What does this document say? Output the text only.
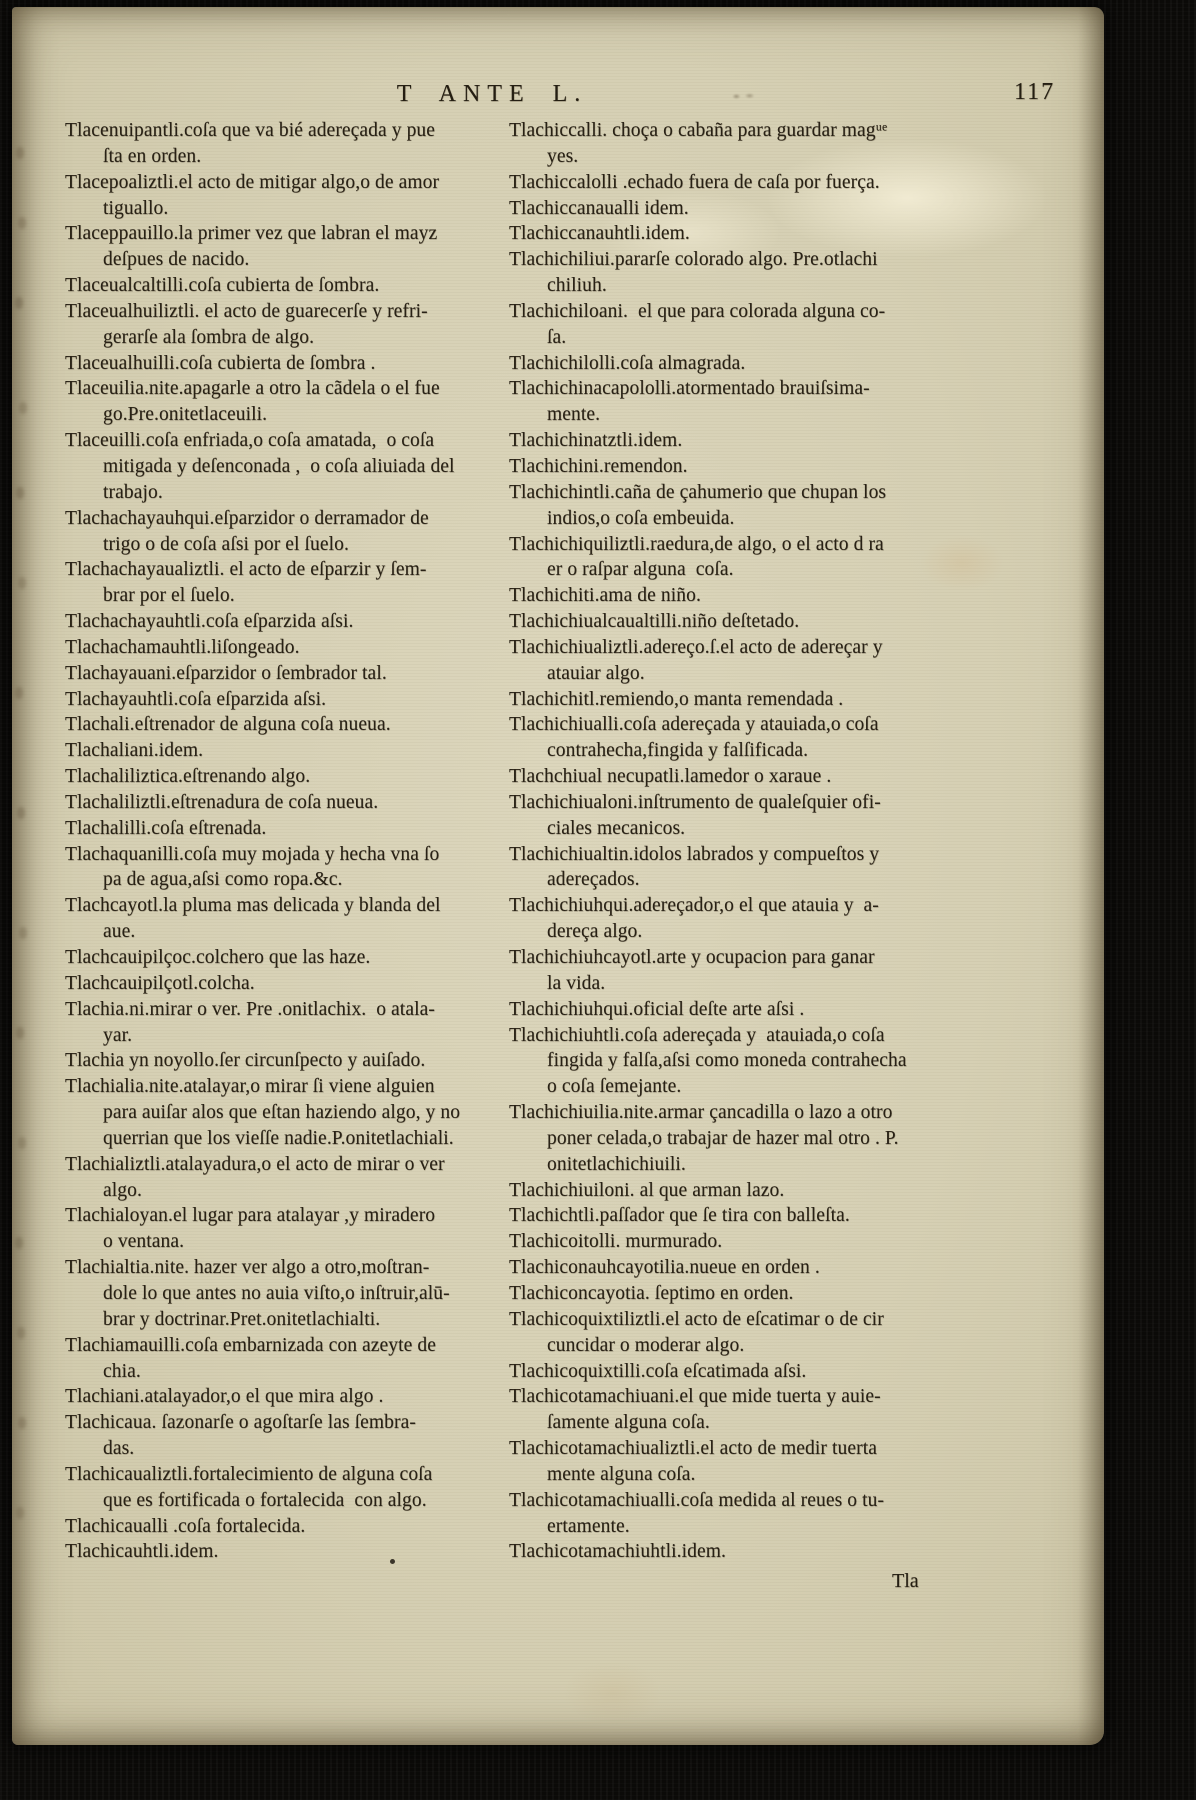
T ANTE L.	117
Tlacenuipantli.coſa que va bié adereçada y pue
ſta en orden.
Tlacepoaliztli.el acto de mitigar algo,o de amor
tiguallo.
Tlaceppauillo.la primer vez que labran el mayz
deſpues de nacido.
Tlaceualcaltilli.coſa cubierta de ſombra.
Tlaceualhuiliztli. el acto de guarecerſe y refri-
gerarſe ala ſombra de algo.
Tlaceualhuilli.coſa cubierta de ſombra .
Tlaceuilia.nite.apagarle a otro la cãdela o el fue
go.Pre.onitetlaceuili.
Tlaceuilli.coſa enfriada,o coſa amatada,  o coſa
mitigada y deſenconada ,  o coſa aliuiada del
trabajo.
Tlachachayauhqui.eſparzidor o derramador de
trigo o de coſa aſsi por el ſuelo.
Tlachachayaualiztli. el acto de eſparzir y ſem-
brar por el ſuelo.
Tlachachayauhtli.coſa eſparzida aſsi.
Tlachachamauhtli.liſongeado.
Tlachayauani.eſparzidor o ſembrador tal.
Tlachayauhtli.coſa eſparzida aſsi.
Tlachali.eſtrenador de alguna coſa nueua.
Tlachaliani.idem.
Tlachaliliztica.eſtrenando algo.
Tlachaliliztli.eſtrenadura de coſa nueua.
Tlachalilli.coſa eſtrenada.
Tlachaquanilli.coſa muy mojada y hecha vna ſo
pa de agua,aſsi como ropa.&c.
Tlachcayotl.la pluma mas delicada y blanda del
aue.
Tlachcauipilçoc.colchero que las haze.
Tlachcauipilçotl.colcha.
Tlachia.ni.mirar o ver. Pre .onitlachix.  o atala-
yar.
Tlachia yn noyollo.ſer circunſpecto y auiſado.
Tlachialia.nite.atalayar,o mirar ſi viene alguien
para auiſar alos que eſtan haziendo algo, y no
querrian que los vieſſe nadie.P.onitetlachiali.
Tlachializtli.atalayadura,o el acto de mirar o ver
algo.
Tlachialoyan.el lugar para atalayar ,y miradero
o ventana.
Tlachialtia.nite. hazer ver algo a otro,moſtran-
dole lo que antes no auia viſto,o inſtruir,alū-
brar y doctrinar.Pret.onitetlachialti.
Tlachiamauilli.coſa embarnizada con azeyte de
chia.
Tlachiani.atalayador,o el que mira algo .
Tlachicaua. ſazonarſe o agoſtarſe las ſembra-
das.
Tlachicaualiztli.fortalecimiento de alguna coſa
que es fortificada o fortalecida  con algo.
Tlachicaualli .coſa fortalecida.
Tlachicauhtli.idem.
Tlachiccalli. choça o cabaña para guardar magᵘᵉ
yes.
Tlachiccalolli .echado fuera de caſa por fuerça.
Tlachiccanaualli idem.
Tlachiccanauhtli.idem.
Tlachichiliui.pararſe colorado algo. Pre.otlachi
chiliuh.
Tlachichiloani.  el que para colorada alguna co-
ſa.
Tlachichilolli.coſa almagrada.
Tlachichinacapololli.atormentado brauiſsima-
mente.
Tlachichinatztli.idem.
Tlachichini.remendon.
Tlachichintli.caña de çahumerio que chupan los
indios,o coſa embeuida.
Tlachichiquiliztli.raedura,de algo, o el acto d ra
er o raſpar alguna  coſa.
Tlachichiti.ama de niño.
Tlachichiualcaualtilli.niño deſtetado.
Tlachichiualiztli.adereço.ſ.el acto de adereçar y
atauiar algo.
Tlachichitl.remiendo,o manta remendada .
Tlachichiualli.coſa adereçada y atauiada,o coſa
contrahecha,fingida y falſificada.
Tlachchiual necupatli.lamedor o xaraue .
Tlachichiualoni.inſtrumento de qualeſquier ofi-
ciales mecanicos.
Tlachichiualtin.idolos labrados y compueſtos y
adereçados.
Tlachichiuhqui.adereçador,o el que atauia y  a-
dereça algo.
Tlachichiuhcayotl.arte y ocupacion para ganar
la vida.
Tlachichiuhqui.oficial deſte arte aſsi .
Tlachichiuhtli.coſa adereçada y  atauiada,o coſa
fingida y falſa,aſsi como moneda contrahecha
o coſa ſemejante.
Tlachichiuilia.nite.armar çancadilla o lazo a otro
poner celada,o trabajar de hazer mal otro . P.
onitetlachichiuili.
Tlachichiuiloni. al que arman lazo.
Tlachichtli.paſſador que ſe tira con balleſta.
Tlachicoitolli. murmurado.
Tlachiconauhcayotilia.nueue en orden .
Tlachiconcayotia. ſeptimo en orden.
Tlachicoquixtiliztli.el acto de eſcatimar o de cir
cuncidar o moderar algo.
Tlachicoquixtilli.coſa eſcatimada aſsi.
Tlachicotamachiuani.el que mide tuerta y auie-
ſamente alguna coſa.
Tlachicotamachiualiztli.el acto de medir tuerta
mente alguna coſa.
Tlachicotamachiualli.coſa medida al reues o tu-
ertamente.
Tlachicotamachiuhtli.idem.
Tla
